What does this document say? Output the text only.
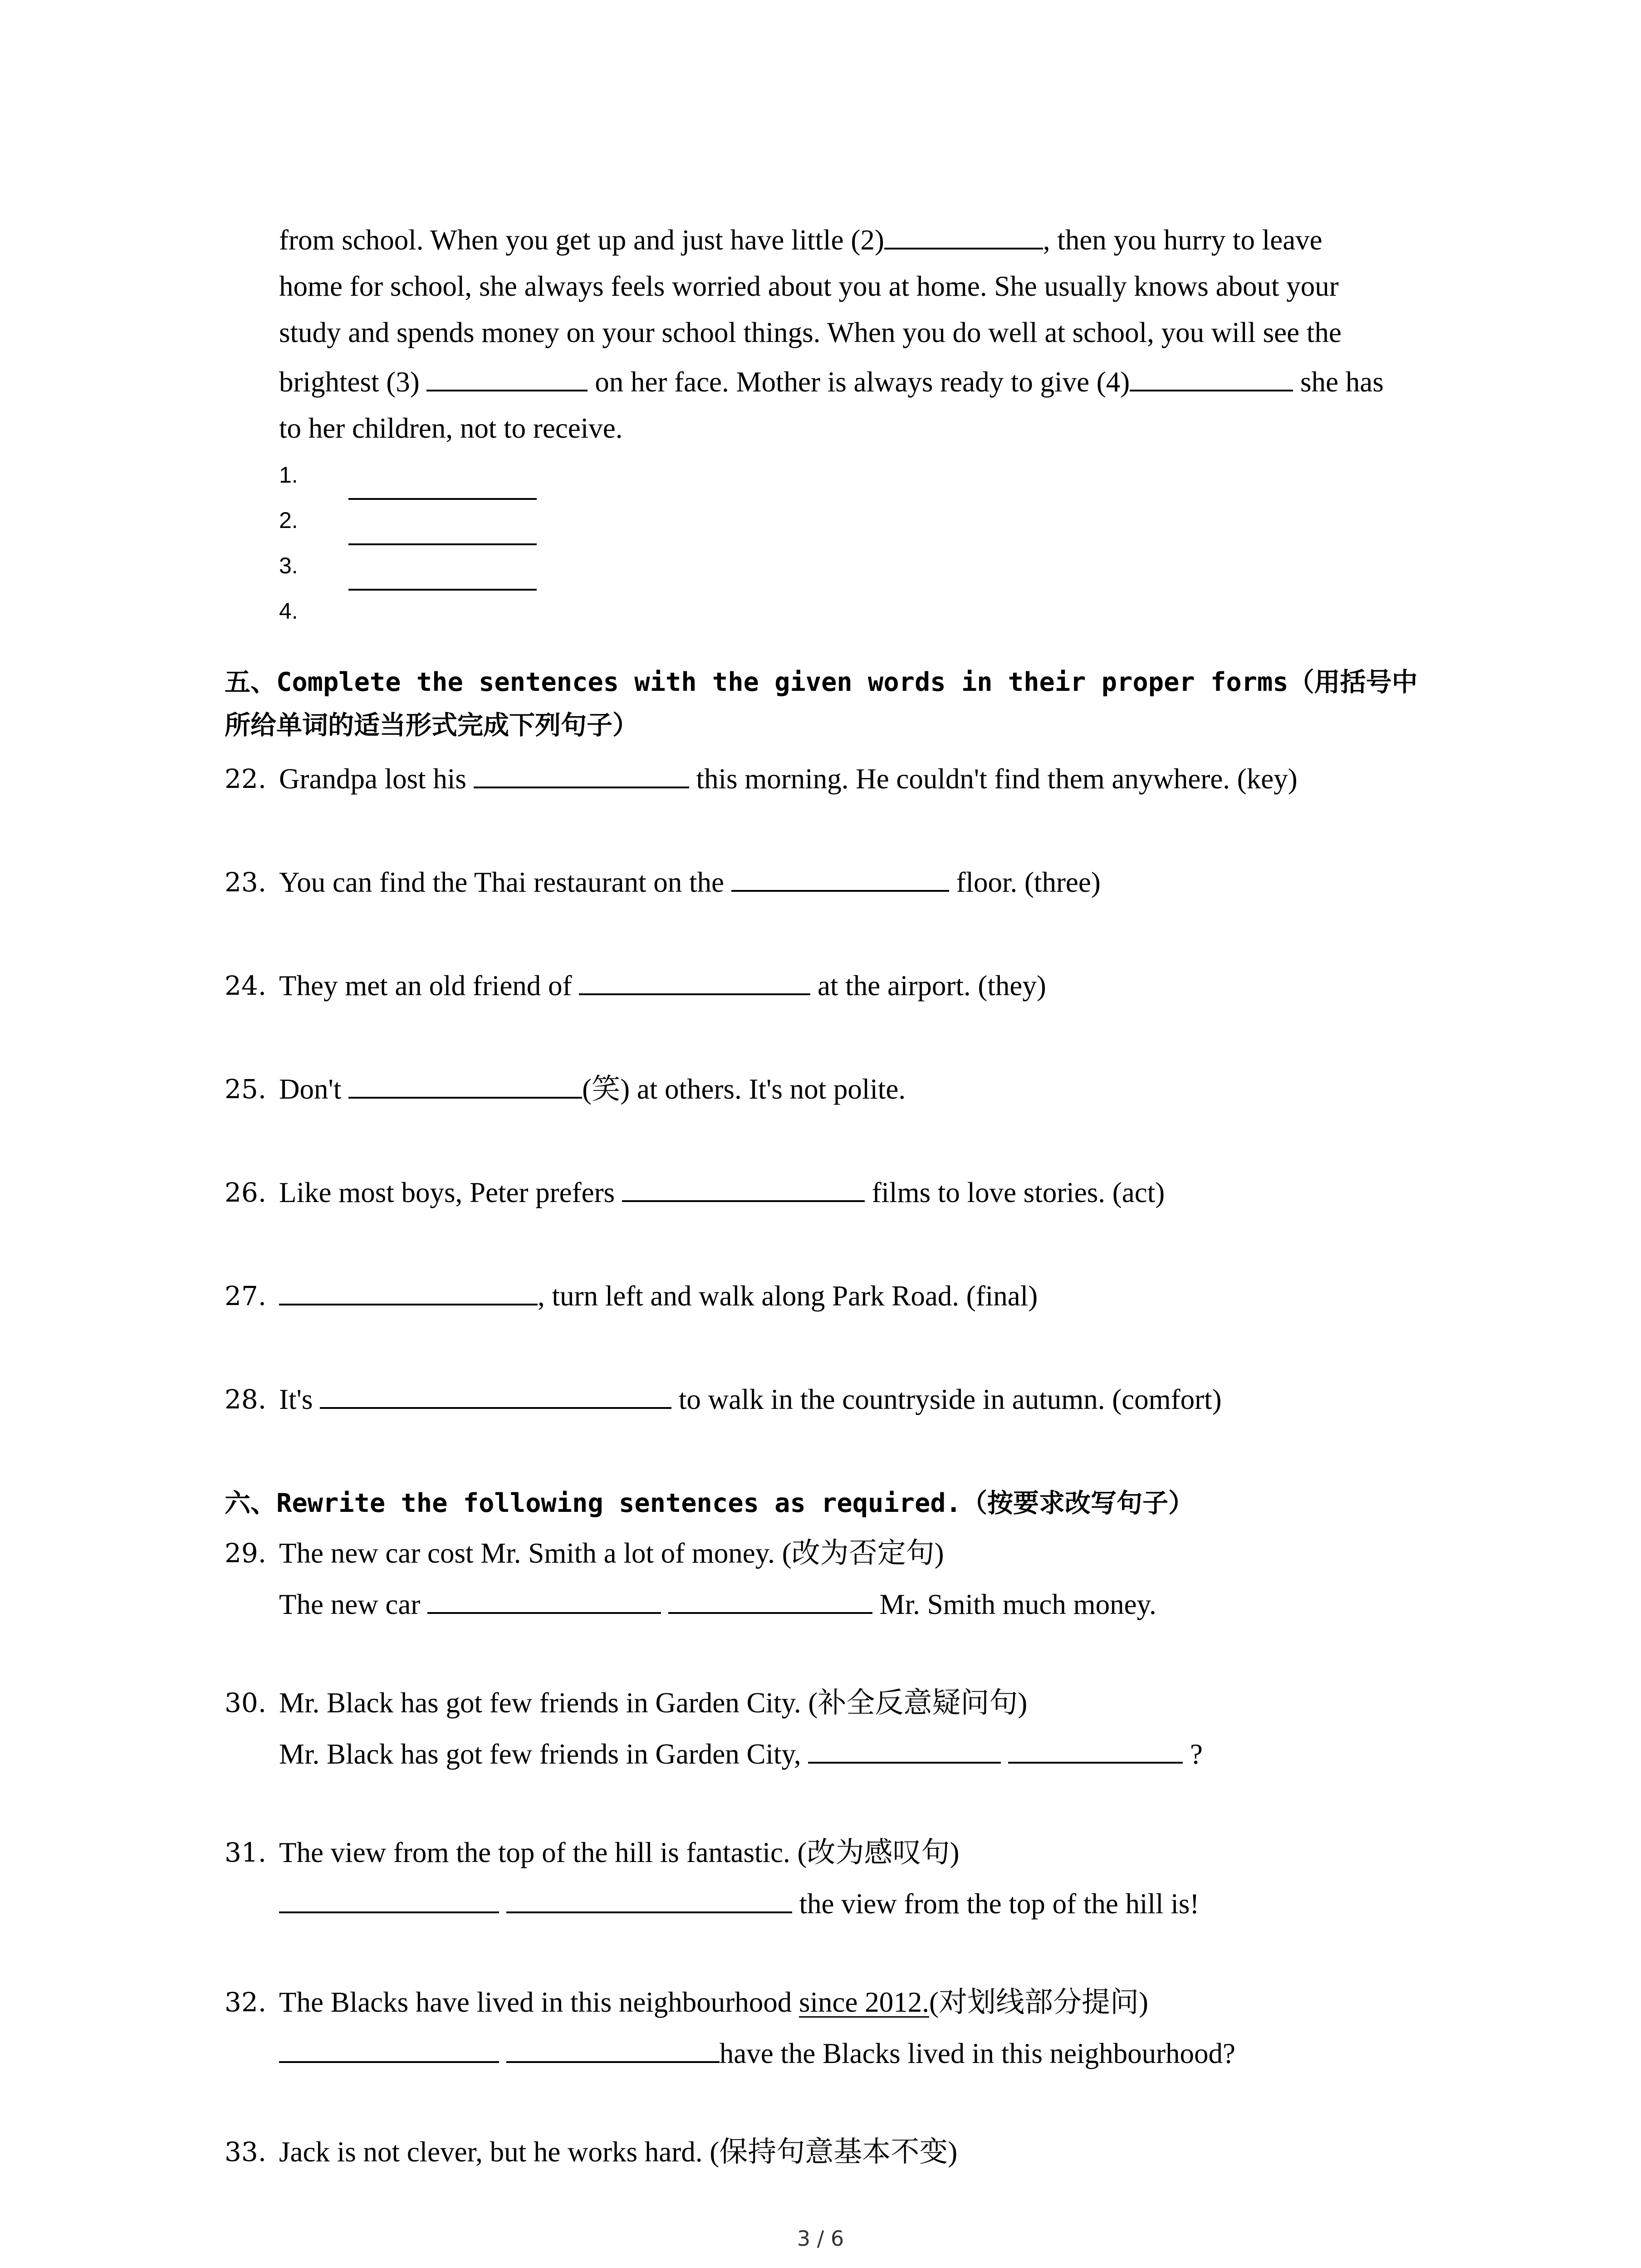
from school. When you get up and just have little (2)	, then you hurry to leave
home for school, she always feels worried about you at home. She usually knows about your
study and spends money on your school things. When you do well at school, you will see the
brightest (3)	on her face. Mother is always ready to give (4)	she has
to her children, not to receive.
1.
2.
3.
4.
五、Complete the sentences with the given words in their proper forms（用括号中
所给单词的适当形式完成下列句子）
22. Grandpa lost his	this morning. He couldn't find them anywhere. (key)
23. You can find the Thai restaurant on the	floor. (three)
24. They met an old friend of	at the airport. (they)
25. Don't	(笑) at others. It's not polite.
26. Like most boys, Peter prefers	films to love stories. (act)
27.	, turn left and walk along Park Road. (final)
28. It's	to walk in the countryside in autumn. (comfort)
六、Rewrite the following sentences as required.（按要求改写句子）
29. The new car cost Mr. Smith a lot of money. (改为否定句)
The new car	Mr. Smith much money.
30. Mr. Black has got few friends in Garden City. (补全反意疑问句)
Mr. Black has got few friends in Garden City,	?
31. The view from the top of the hill is fantastic. (改为感叹句)
the view from the top of the hill is!
32. The Blacks have lived in this neighbourhood since 2012.(对划线部分提问)
have the Blacks lived in this neighbourhood?
33. Jack is not clever, but he works hard. (保持句意基本不变)
3 / 6
